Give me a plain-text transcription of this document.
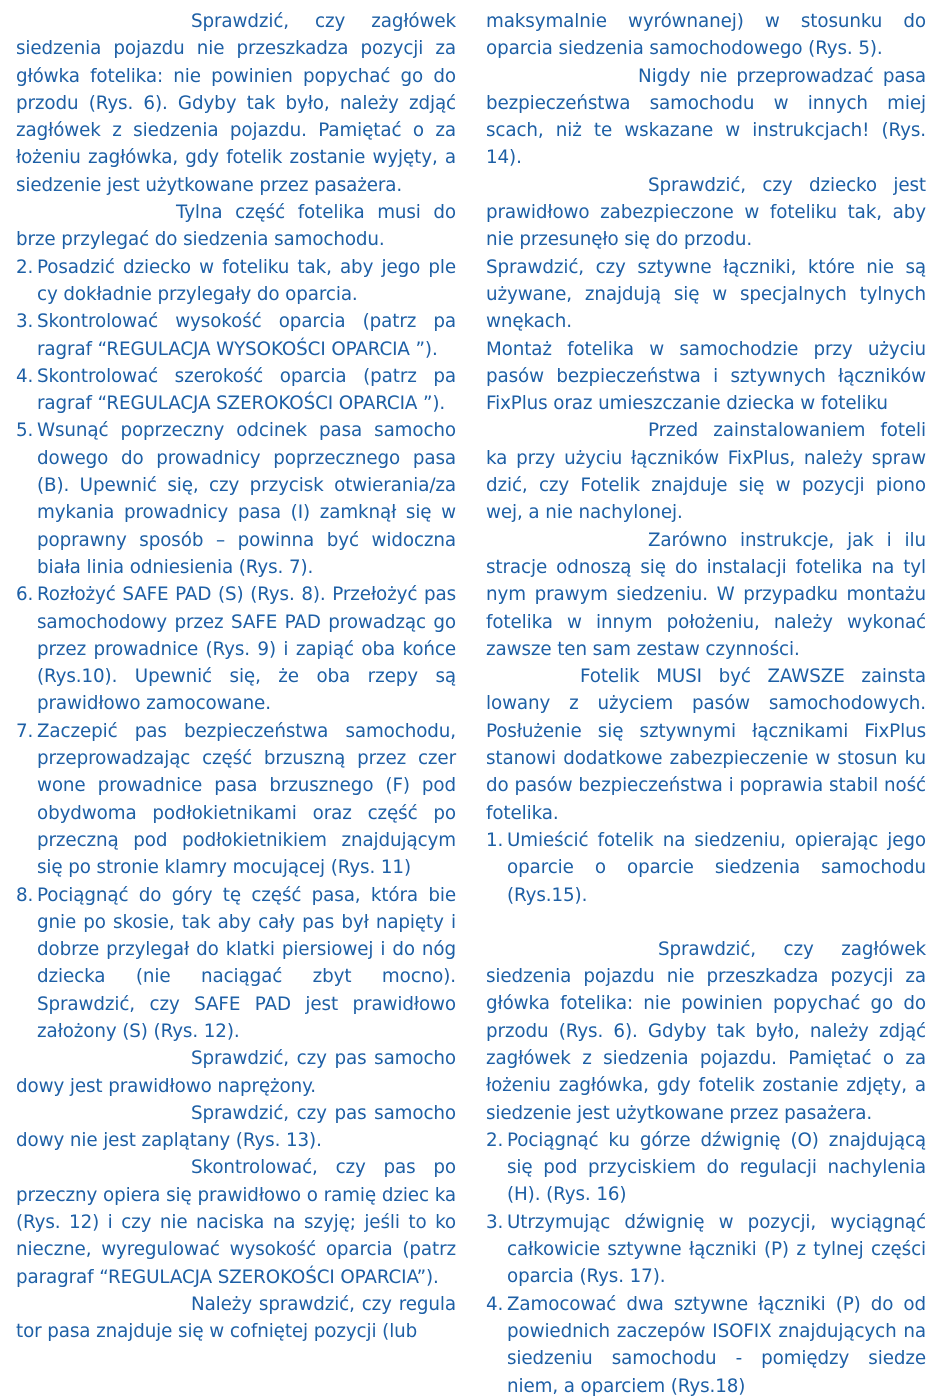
Sprawdzić, czy zagłówek siedzenia pojazdu nie przeszkadza pozycji za główka fotelika: nie powinien popychać go do przodu (Rys. 6). Gdyby tak było, należy zdjąć zagłówek z siedzenia pojazdu. Pamiętać o za łożeniu zagłówka, gdy fotelik zostanie wyjęty, a siedzenie jest użytkowane przez pasażera.

Tylna część fotelika musi do brze przylegać do siedzenia samochodu.

2. Posadzić dziecko w foteliku tak, aby jego ple cy dokładnie przylegały do oparcia.
3. Skontrolować wysokość oparcia (patrz pa ragraf “REGULACJA WYSOKOŚCI OPARCIA ”).
4. Skontrolować szerokość oparcia (patrz pa ragraf “REGULACJA SZEROKOŚCI OPARCIA ”).
5. Wsunąć poprzeczny odcinek pasa samocho dowego do prowadnicy poprzecznego pasa (B). Upewnić się, czy przycisk otwierania/za mykania prowadnicy pasa (I) zamknął się w poprawny sposób – powinna być widoczna biała linia odniesienia (Rys. 7).
6. Rozłożyć SAFE PAD (S) (Rys. 8). Przełożyć pas samochodowy przez SAFE PAD prowadząc go przez prowadnice (Rys. 9) i zapiąć oba końce (Rys.10). Upewnić się, że oba rzepy są prawidłowo zamocowane.
7. Zaczepić pas bezpieczeństwa samochodu, przeprowadzając część brzuszną przez czer wone prowadnice pasa brzusznego (F) pod obydwoma podłokietnikami oraz część po przeczną pod podłokietnikiem znajdującym się po stronie klamry mocującej (Rys. 11)
8. Pociągnąć do góry tę część pasa, która bie gnie po skosie, tak aby cały pas był napięty i dobrze przylegał do klatki piersiowej i do nóg dziecka (nie naciągać zbyt mocno). Sprawdzić, czy SAFE PAD jest prawidłowo założony (S) (Rys. 12).

Sprawdzić, czy pas samocho dowy jest prawidłowo naprężony.

Sprawdzić, czy pas samocho dowy nie jest zaplątany (Rys. 13).

Skontrolować, czy pas po przeczny opiera się prawidłowo o ramię dziec ka (Rys. 12) i czy nie naciska na szyję; jeśli to ko nieczne, wyregulować wysokość oparcia (patrz paragraf “REGULACJA SZEROKOŚCI OPARCIA”).

Należy sprawdzić, czy regula tor pasa znajduje się w cofniętej pozycji (lub

maksymalnie wyrównanej) w stosunku do oparcia siedzenia samochodowego (Rys. 5).

Nigdy nie przeprowadzać pasa bezpieczeństwa samochodu w innych miej scach, niż te wskazane w instrukcjach! (Rys. 14).

Sprawdzić, czy dziecko jest prawidłowo zabezpieczone w foteliku tak, aby nie przesunęło się do przodu.

Sprawdzić, czy sztywne łączniki, które nie są używane, znajdują się w specjalnych tylnych wnękach.

Montaż fotelika w samochodzie przy użyciu pasów bezpieczeństwa i sztywnych łączników FixPlus oraz umieszczanie dziecka w foteliku

Przed zainstalowaniem foteli ka przy użyciu łączników FixPlus, należy spraw dzić, czy Fotelik znajduje się w pozycji piono wej, a nie nachylonej.

Zarówno instrukcje, jak i ilu stracje odnoszą się do instalacji fotelika na tyl nym prawym siedzeniu. W przypadku montażu fotelika w innym położeniu, należy wykonać zawsze ten sam zestaw czynności.

Fotelik MUSI być ZAWSZE zainsta lowany z użyciem pasów samochodowych. Posłużenie się sztywnymi łącznikami FixPlus stanowi dodatkowe zabezpieczenie w stosun ku do pasów bezpieczeństwa i poprawia stabil ność fotelika.

1. Umieścić fotelik na siedzeniu, opierając jego oparcie o oparcie siedzenia samochodu (Rys.15).

Sprawdzić, czy zagłówek siedzenia pojazdu nie przeszkadza pozycji za główka fotelika: nie powinien popychać go do przodu (Rys. 6). Gdyby tak było, należy zdjąć zagłówek z siedzenia pojazdu. Pamiętać o za łożeniu zagłówka, gdy fotelik zostanie zdjęty, a siedzenie jest użytkowane przez pasażera.

2. Pociągnąć ku górze dźwignię (O) znajdującą się pod przyciskiem do regulacji nachylenia (H). (Rys. 16)
3. Utrzymując dźwignię w pozycji, wyciągnąć całkowicie sztywne łączniki (P) z tylnej części oparcia (Rys. 17).
4. Zamocować dwa sztywne łączniki (P) do od powiednich zaczepów ISOFIX znajdujących na siedzeniu samochodu - pomiędzy siedze niem, a oparciem (Rys.18)
